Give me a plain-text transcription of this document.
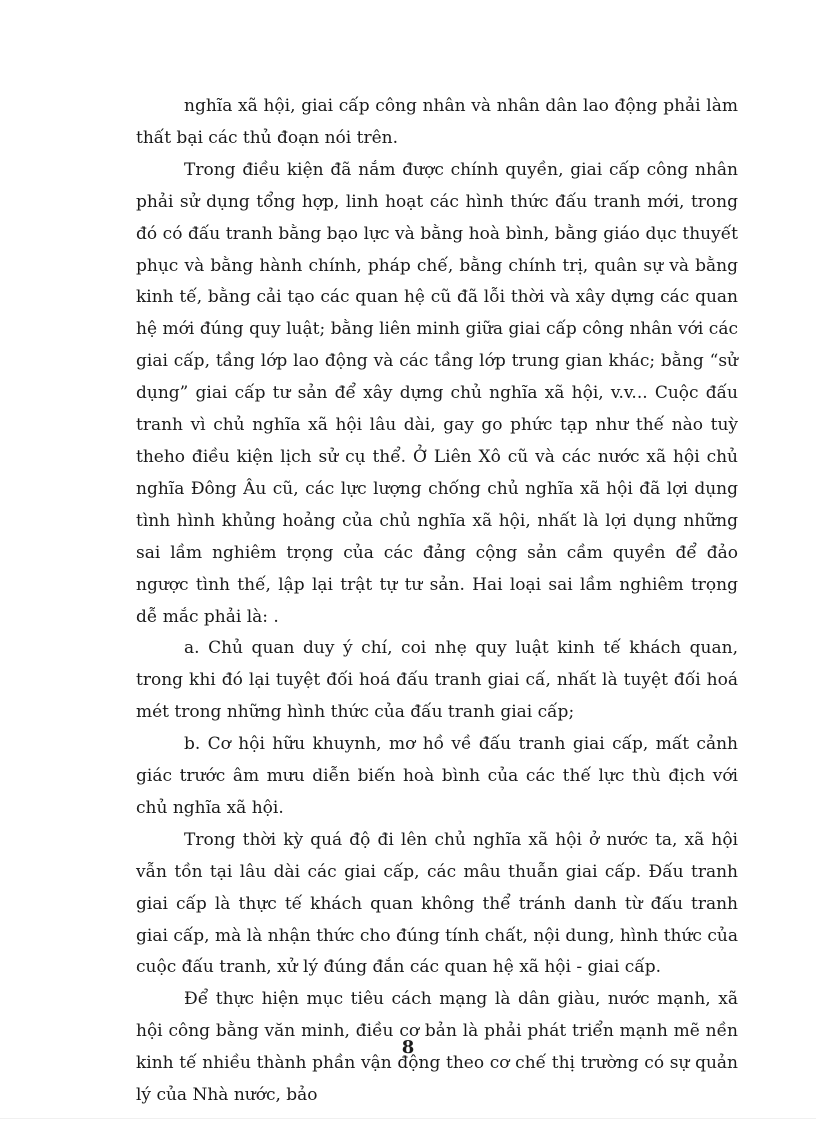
nghĩa xã hội, giai cấp công nhân và nhân dân lao động phải làm thất bại các thủ đoạn nói trên.

Trong điều kiện đã nắm được chính quyền, giai cấp công nhân phải sử dụng tổng hợp, linh hoạt các hình thức đấu tranh mới, trong đó có đấu tranh bằng bạo lực và bằng hoà bình, bằng giáo dục thuyết phục và bằng hành chính, pháp chế, bằng chính trị, quân sự và bằng kinh tế, bằng cải tạo các quan hệ cũ đã lỗi thời và xây dựng các quan hệ mới đúng quy luật; bằng liên minh giữa giai cấp công nhân với các giai cấp, tầng lớp lao động và các tầng lớp trung gian khác; bằng “sử dụng” giai cấp tư sản để xây dựng chủ nghĩa xã hội, v.v... Cuộc đấu tranh vì chủ nghĩa xã hội lâu dài, gay go phức tạp như thế nào tuỳ theho điều kiện lịch sử cụ thể. Ở Liên Xô cũ và các nước xã hội chủ nghĩa Đông Âu cũ, các lực lượng chống chủ nghĩa xã hội đã lợi dụng tình hình khủng hoảng của chủ nghĩa xã hội, nhất là lợi dụng những sai lầm nghiêm trọng của các đảng cộng sản cầm quyền để đảo ngược tình thế, lập lại trật tự tư sản. Hai loại sai lầm nghiêm trọng dễ mắc phải là: .

a. Chủ quan duy ý chí, coi nhẹ quy luật kinh tế khách quan, trong khi đó lại tuyệt đối hoá đấu tranh giai cấ, nhất là tuyệt đối hoá mét trong những hình thức của đấu tranh giai cấp;

b. Cơ hội hữu khuynh, mơ hồ về đấu tranh giai cấp, mất cảnh giác trước âm mưu diễn biến hoà bình của các thế lực thù địch với chủ nghĩa xã hội.

Trong thời kỳ quá độ đi lên chủ nghĩa xã hội ở nước ta, xã hội vẫn tồn tại lâu dài các giai cấp, các mâu thuẫn giai cấp. Đấu tranh giai cấp là thực tế khách quan không thể tránh danh từ đấu tranh giai cấp, mà là nhận thức cho đúng tính chất, nội dung, hình thức của cuộc đấu tranh, xử lý đúng đắn các quan hệ xã hội - giai cấp.

Để thực hiện mục tiêu cách mạng là dân giàu, nước mạnh, xã hội công bằng văn minh, điều cơ bản là phải phát triển mạnh mẽ nền kinh tế nhiều thành phần vận động theo cơ chế thị trường có sự quản lý của Nhà nước, bảo

8
